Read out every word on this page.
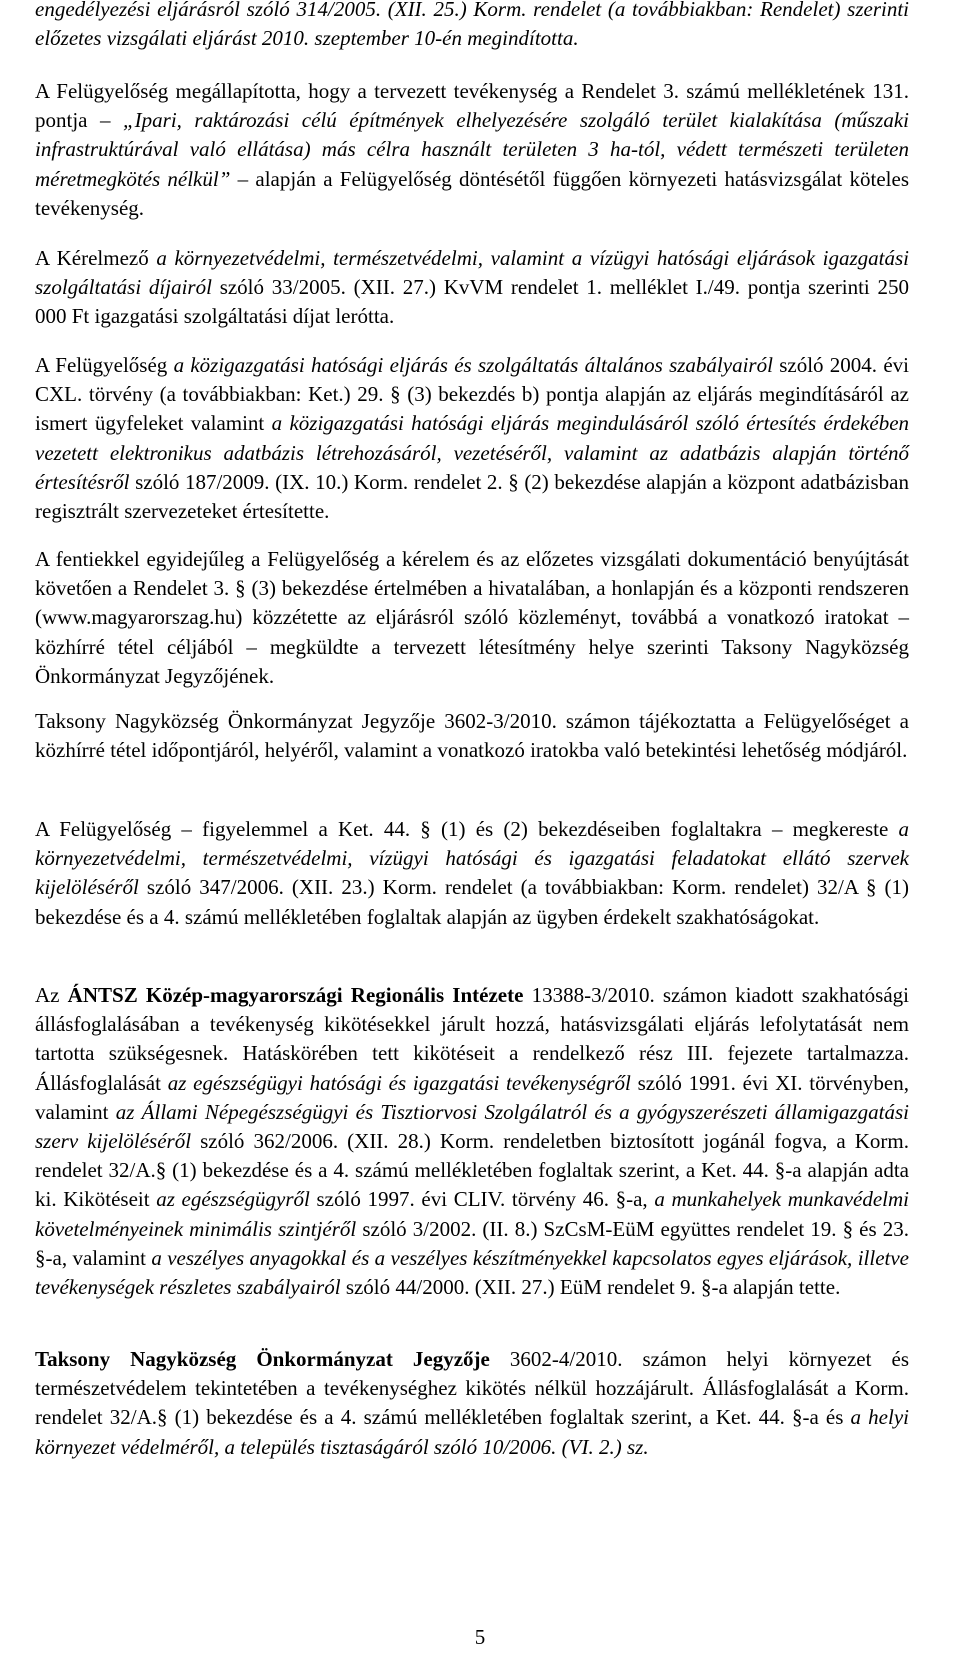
engedélyezési eljárásról szóló 314/2005. (XII. 25.) Korm. rendelet (a továbbiakban: Rendelet) szerinti előzetes vizsgálati eljárást 2010. szeptember 10-én megindította.

A Felügyelőség megállapította, hogy a tervezett tevékenység a Rendelet 3. számú mellékletének 131. pontja – „Ipari, raktározási célú építmények elhelyezésére szolgáló terület kialakítása (műszaki infrastruktúrával való ellátása) más célra használt területen 3 ha-tól, védett természeti területen méretmegkötés nélkül” – alapján a Felügyelőség döntésétől függően környezeti hatásvizsgálat köteles tevékenység.

A Kérelmező a környezetvédelmi, természetvédelmi, valamint a vízügyi hatósági eljárások igazgatási szolgáltatási díjairól szóló 33/2005. (XII. 27.) KvVM rendelet 1. melléklet I./49. pontja szerinti 250 000 Ft igazgatási szolgáltatási díjat lerótta.

A Felügyelőség a közigazgatási hatósági eljárás és szolgáltatás általános szabályairól szóló 2004. évi CXL. törvény (a továbbiakban: Ket.) 29. § (3) bekezdés b) pontja alapján az eljárás megindításáról az ismert ügyfeleket valamint a közigazgatási hatósági eljárás megindulásáról szóló értesítés érdekében vezetett elektronikus adatbázis létrehozásáról, vezetéséről, valamint az adatbázis alapján történő értesítésről szóló 187/2009. (IX. 10.) Korm. rendelet 2. § (2) bekezdése alapján a központ adatbázisban regisztrált szervezeteket értesítette.

A fentiekkel egyidejűleg a Felügyelőség a kérelem és az előzetes vizsgálati dokumentáció benyújtását követően a Rendelet 3. § (3) bekezdése értelmében a hivatalában, a honlapján és a központi rendszeren (www.magyarorszag.hu) közzétette az eljárásról szóló közleményt, továbbá a vonatkozó iratokat – közhírré tétel céljából – megküldte a tervezett létesítmény helye szerinti Taksony Nagyközség Önkormányzat Jegyzőjének.

Taksony Nagyközség Önkormányzat Jegyzője 3602-3/2010. számon tájékoztatta a Felügyelőséget a közhírré tétel időpontjáról, helyéről, valamint a vonatkozó iratokba való betekintési lehetőség módjáról.

A Felügyelőség – figyelemmel a Ket. 44. § (1) és (2) bekezdéseiben foglaltakra – megkereste a környezetvédelmi, természetvédelmi, vízügyi hatósági és igazgatási feladatokat ellátó szervek kijelöléséről szóló 347/2006. (XII. 23.) Korm. rendelet (a továbbiakban: Korm. rendelet) 32/A § (1) bekezdése és a 4. számú mellékletében foglaltak alapján az ügyben érdekelt szakhatóságokat.

Az ÁNTSZ Közép-magyarországi Regionális Intézete 13388-3/2010. számon kiadott szakhatósági állásfoglalásában a tevékenység kikötésekkel járult hozzá, hatásvizsgálati eljárás lefolytatását nem tartotta szükségesnek. Hatáskörében tett kikötéseit a rendelkező rész III. fejezete tartalmazza. Állásfoglalását az egészségügyi hatósági és igazgatási tevékenységről szóló 1991. évi XI. törvényben, valamint az Állami Népegészségügyi és Tisztiorvosi Szolgálatról és a gyógyszerészeti államigazgatási szerv kijelöléséről szóló 362/2006. (XII. 28.) Korm. rendeletben biztosított jogánál fogva, a Korm. rendelet 32/A.§ (1) bekezdése és a 4. számú mellékletében foglaltak szerint, a Ket. 44. §-a alapján adta ki. Kikötéseit az egészségügyről szóló 1997. évi CLIV. törvény 46. §-a, a munkahelyek munkavédelmi követelményeinek minimális szintjéről szóló 3/2002. (II. 8.) SzCsM-EüM együttes rendelet 19. § és 23. §-a, valamint a veszélyes anyagokkal és a veszélyes készítményekkel kapcsolatos egyes eljárások, illetve tevékenységek részletes szabályairól szóló 44/2000. (XII. 27.) EüM rendelet 9. §-a alapján tette.

Taksony Nagyközség Önkormányzat Jegyzője 3602-4/2010. számon helyi környezet és természetvédelem tekintetében a tevékenységhez kikötés nélkül hozzájárult. Állásfoglalását a Korm. rendelet 32/A.§ (1) bekezdése és a 4. számú mellékletében foglaltak szerint, a Ket. 44. §-a és a helyi környezet védelméről, a település tisztaságáról szóló 10/2006. (VI. 2.) sz.

5
